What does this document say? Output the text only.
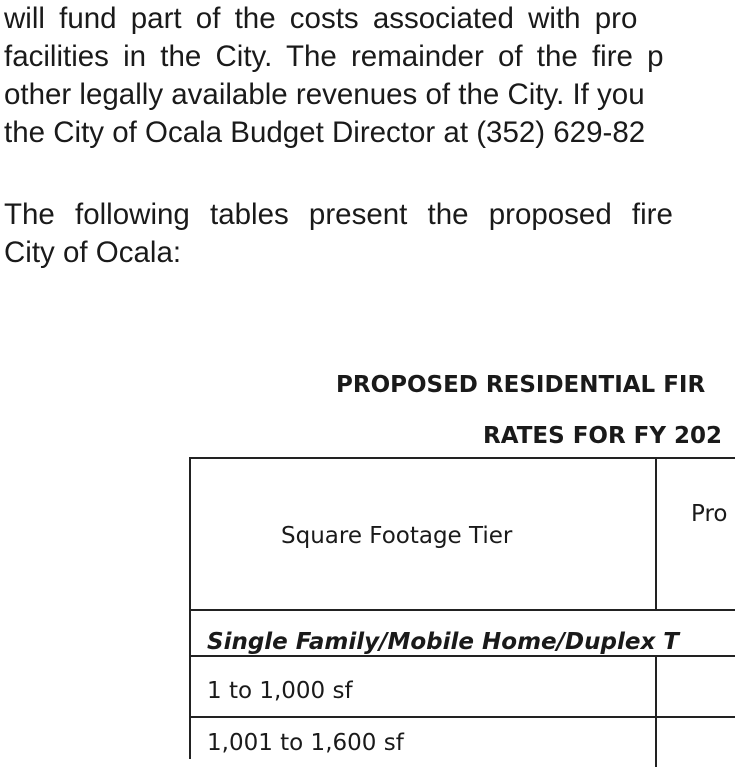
will fund part of the costs associated with pro
facilities in the City. The remainder of the fire p
other legally available revenues of the City. If you
the City of Ocala Budget Director at (352) 629-82
The following tables present the proposed fire
City of Ocala:
PROPOSED RESIDENTIAL FIR
RATES FOR FY 202
Square Footage Tier
Pro
Single Family/Mobile Home/Duplex T
1 to 1,000 sf
1,001 to 1,600 sf
